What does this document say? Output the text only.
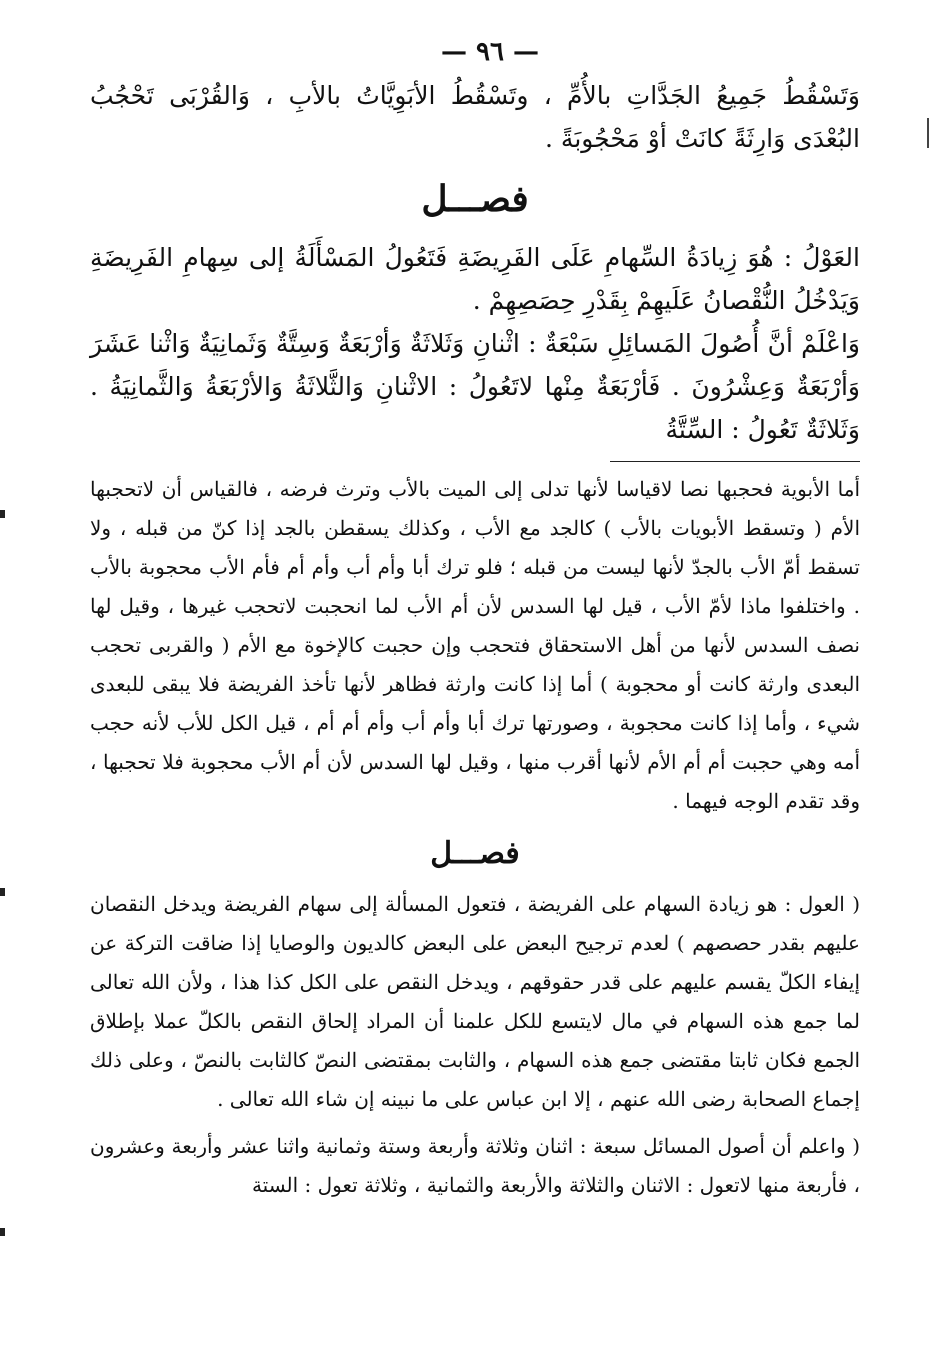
— ٩٦ —

وَتَسْقُطُ جَمِيعُ الجَدَّاتِ بالأُمِّ ، وتَسْقُطُ الأبَوِيَّاتُ بالأبِ ، وَالقُرْبَى تَحْجُبُ البُعْدَى وَارِثَةً كانَتْ أوْ مَحْجُوبَةً .

فصـــل

العَوْلُ : هُوَ زِيادَةُ السِّهامِ عَلَى الفَرِيضَةِ فَتَعُولُ المَسْأَلَةُ إلى سِهامِ الفَرِيضَةِ وَيَدْخُلُ النُّقْصانُ عَلَيهِمْ بِقَدْرِ حِصَصِهِمْ .

وَاعْلَمْ أنَّ أُصُولَ المَسائِلِ سَبْعَةٌ : اثْنانِ وَثَلاثَةٌ وَأرْبَعَةٌ وَسِتَّةٌ وَثَمانِيَةٌ وَاثْنا عَشَرَ وَأرْبَعَةٌ وَعِشْرُونَ . فَأرْبَعَةٌ مِنْها لاتَعُولُ : الاثْنانِ وَالثَّلاثَةُ وَالأرْبَعَةُ وَالثَّمانِيَةُ . وَثَلاثَةٌ تَعُولُ : السِّتَّةُ

أما الأبوية فحجبها نصا لاقياسا لأنها تدلى إلى الميت بالأب وترث فرضه ، فالقياس أن لاتحجبها الأم ( وتسقط الأبويات بالأب ) كالجد مع الأب ، وكذلك يسقطن بالجد إذا كنّ من قبله ، ولا تسقط أمّ الأب بالجدّ لأنها ليست من قبله ؛ فلو ترك أبا وأم أب وأم أم فأم الأب محجوبة بالأب . واختلفوا ماذا لأمّ الأب ، قيل لها السدس لأن أم الأب لما انحجبت لاتحجب غيرها ، وقيل لها نصف السدس لأنها من أهل الاستحقاق فتحجب وإن حجبت كالإخوة مع الأم ( والقربى تحجب البعدى وارثة كانت أو محجوبة ) أما إذا كانت وارثة فظاهر لأنها تأخذ الفريضة فلا يبقى للبعدى شيء ، وأما إذا كانت محجوبة ، وصورتها ترك أبا وأم أب وأم أم أم ، قيل الكل للأب لأنه حجب أمه وهي حجبت أم أم الأم لأنها أقرب منها ، وقيل لها السدس لأن أم الأب محجوبة فلا تحجبها ، وقد تقدم الوجه فيهما .

فصـــل

( العول : هو زيادة السهام على الفريضة ، فتعول المسألة إلى سهام الفريضة ويدخل النقصان عليهم بقدر حصصهم ) لعدم ترجيح البعض على البعض كالديون والوصايا إذا ضاقت التركة عن إيفاء الكلّ يقسم عليهم على قدر حقوقهم ، ويدخل النقص على الكل كذا هذا ، ولأن الله تعالى لما جمع هذه السهام في مال لايتسع للكل علمنا أن المراد إلحاق النقص بالكلّ عملا بإطلاق الجمع فكان ثابتا مقتضى جمع هذه السهام ، والثابت بمقتضى النصّ كالثابت بالنصّ ، وعلى ذلك إجماع الصحابة رضى الله عنهم ، إلا ابن عباس على ما نبينه إن شاء الله تعالى .

( واعلم أن أصول المسائل سبعة : اثنان وثلاثة وأربعة وستة وثمانية واثنا عشر وأربعة وعشرون ، فأربعة منها لاتعول : الاثنان والثلاثة والأربعة والثمانية ، وثلاثة تعول : الستة
